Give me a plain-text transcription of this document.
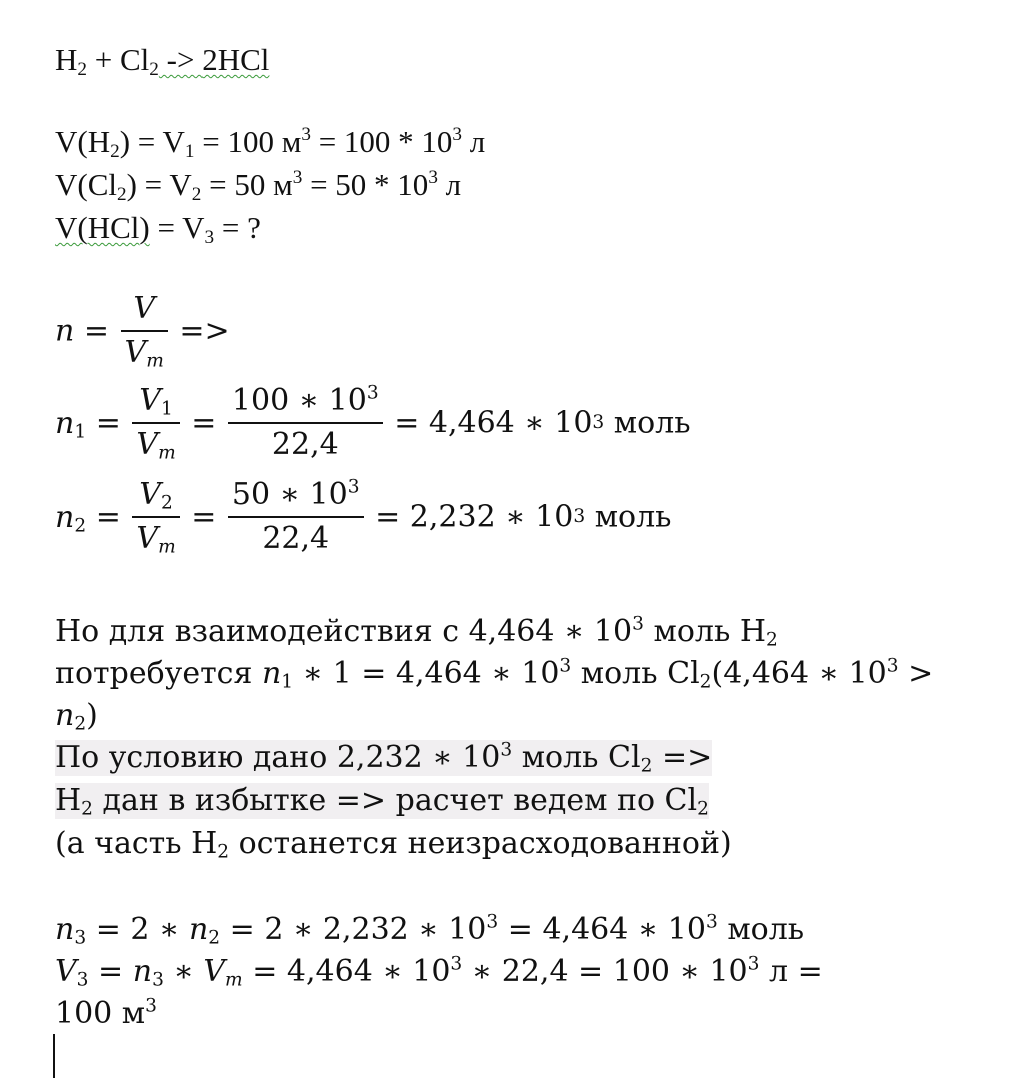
$H_2 + Cl_2 -> 2HCl$
$V(H_2) = V_1 = 100$ $м^3 = 100 * 10^3$ л
$V(Cl_2) = V_2 = 50$ $м^3 = 50 * 10^3$ л
$V(HCl) = V_3$ = ?
$n = \frac{V}{V_m}$ =>
$n_1 = \frac{V_1}{V_m} = \frac{100 ∗ 10^3}{22,4} = 4,464$ ∗ 103 моль
$n_2 = \frac{V_2}{V_m} = \frac{50 ∗ 10^3}{22,4} = 2,232$ ∗ 103 моль
Но для взаимодействия с 4,464 ∗ $10^3$ моль $H_2$
потребуется $n_1$ ∗ 1 = 4,464 ∗ $10^3$ моль $Cl_2(4,464$ ∗ $10^3$ >
$n_2$)
По условию дано 2,232 ∗ $10^3$ моль $Cl_2$ =>
$H_2$ дан в избытке => расчет ведем по $Cl_2$
(а часть $H_2$ останется неизрасходованной)
$n_3 = 2$ ∗ $n_2 = 2$ ∗ 2,232 ∗ $10^3 = 4,464$ ∗ $10^3$ моль
$V_3 = n_3$ ∗ $V_m = 4,464$ ∗ $10^3$ ∗ 22,4 = 100 ∗ $10^3$ л =
100 $м^3$
